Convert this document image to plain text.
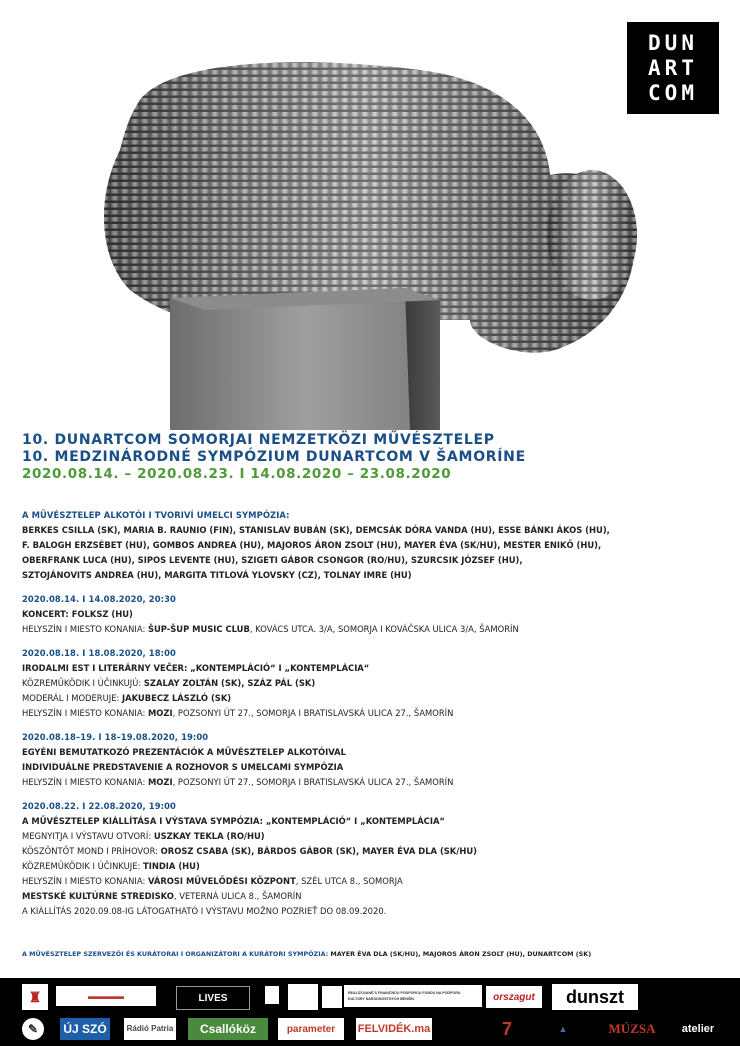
DUN
ART
COM
10. DUNARTCOM SOMORJAI NEMZETKÖZI MŰVÉSZTELEP
10. MEDZINÁRODNÉ SYMPÓZIUM DUNARTCOM V ŠAMORÍNE
2020.08.14. – 2020.08.23. I 14.08.2020 – 23.08.2020
A MŰVÉSZTELEP ALKOTÓI I TVORIVÍ UMELCI SYMPÓZIA:
BERKES CSILLA (SK), MARIA B. RAUNIO (FIN), STANISLAV BUBÁN (SK), DEMCSÁK DÓRA VANDA (HU), ESSE BÁNKI ÁKOS (HU),
F. BALOGH ERZSÉBET (HU), GOMBOS ANDREA (HU), MAJOROS ÁRON ZSOLT (HU), MAYER ÉVA (SK/HU), MESTER ENIKŐ (HU),
OBERFRANK LUCA (HU), SIPOS LEVENTE (HU), SZIGETI GÁBOR CSONGOR (RO/HU), SZURCSIK JÓZSEF (HU),
SZTOJÁNOVITS ANDREA (HU), MARGITA TITLOVÁ YLOVSKY (CZ), TOLNAY IMRE (HU)
2020.08.14. I 14.08.2020, 20:30
KONCERT: FOLKSZ (HU)
HELYSZÍN I MIESTO KONANIA: ŠUP-ŠUP MUSIC CLUB, KOVÁCS UTCA. 3/A, SOMORJA I KOVÁČSKA ULICA 3/A, ŠAMORÍN
2020.08.18. I 18.08.2020, 18:00
IRODALMI EST I LITERÁRNY VEČER: „KONTEMPLÁCIÓ“ I „KONTEMPLÁCIA“
KÖZREMŰKÖDIK I ÚČINKUJÚ: SZALAY ZOLTÁN (SK), SZÁZ PÁL (SK)
MODERÁL I MODERUJE: JAKUBECZ LÁSZLÓ (SK)
HELYSZÍN I MIESTO KONANIA: MOZI, POZSONYI ÚT 27., SOMORJA I BRATISLAVSKÁ ULICA 27., ŠAMORÍN
2020.08.18–19. I 18–19.08.2020, 19:00
EGYÉNI BEMUTATKOZÓ PREZENTÁCIÓK A MŰVÉSZTELEP ALKOTÓIVAL
INDIVIDUÁLNE PREDSTAVENIE A ROZHOVOR S UMELCAMI SYMPÓZIA
HELYSZÍN I MIESTO KONANIA: MOZI, POZSONYI ÚT 27., SOMORJA I BRATISLAVSKÁ ULICA 27., ŠAMORÍN
2020.08.22. I 22.08.2020, 19:00
A MŰVÉSZTELEP KIÁLLÍTÁSA I VÝSTAVA SYMPÓZIA: „KONTEMPLÁCIÓ“ I „KONTEMPLÁCIA“
MEGNYITJA I VÝSTAVU OTVORÍ: USZKAY TEKLA (RO/HU)
KÖSZÖNTŐT MOND I PRÍHOVOR: OROSZ CSABA (SK), BÁRDOS GÁBOR (SK), MAYER ÉVA DLA (SK/HU)
KÖZREMŰKÖDIK I ÚČINKUJE: TINDIA (HU)
HELYSZÍN I MIESTO KONANIA: VÁROSI MŰVELŐDÉSI KÖZPONT, SZÉL UTCA 8., SOMORJA
MESTSKÉ KULTÚRNE STREDISKO, VETERNÁ ULICA 8., ŠAMORÍN
A KIÁLLÍTÁS 2020.09.08-IG LÁTOGATHATÓ I VÝSTAVU MOŽNO POZRIEŤ DO 08.09.2020.
A MŰVÉSZTELEP SZERVEZŐI ÉS KURÁTORAI I ORGANIZÁTORI A KURÁTORI SYMPÓZIA: MAYER ÉVA DLA (SK/HU), MAJOROS ÁRON ZSOLT (HU), DUNARTCOM (SK)
♜	▬▬▬▬	LIVES	REALIZOVANÉ S FINANČNOU PODPOROU FONDU NA PODPORU KULTÚRY NÁRODNOSTNÝCH MENŠÍN	orszagut dunszt
✎ ÚJ SZÓ Rádió Patria Csallóköz	parameter FELVIDÉK.ma	7	▲	MÚZSA atelier
